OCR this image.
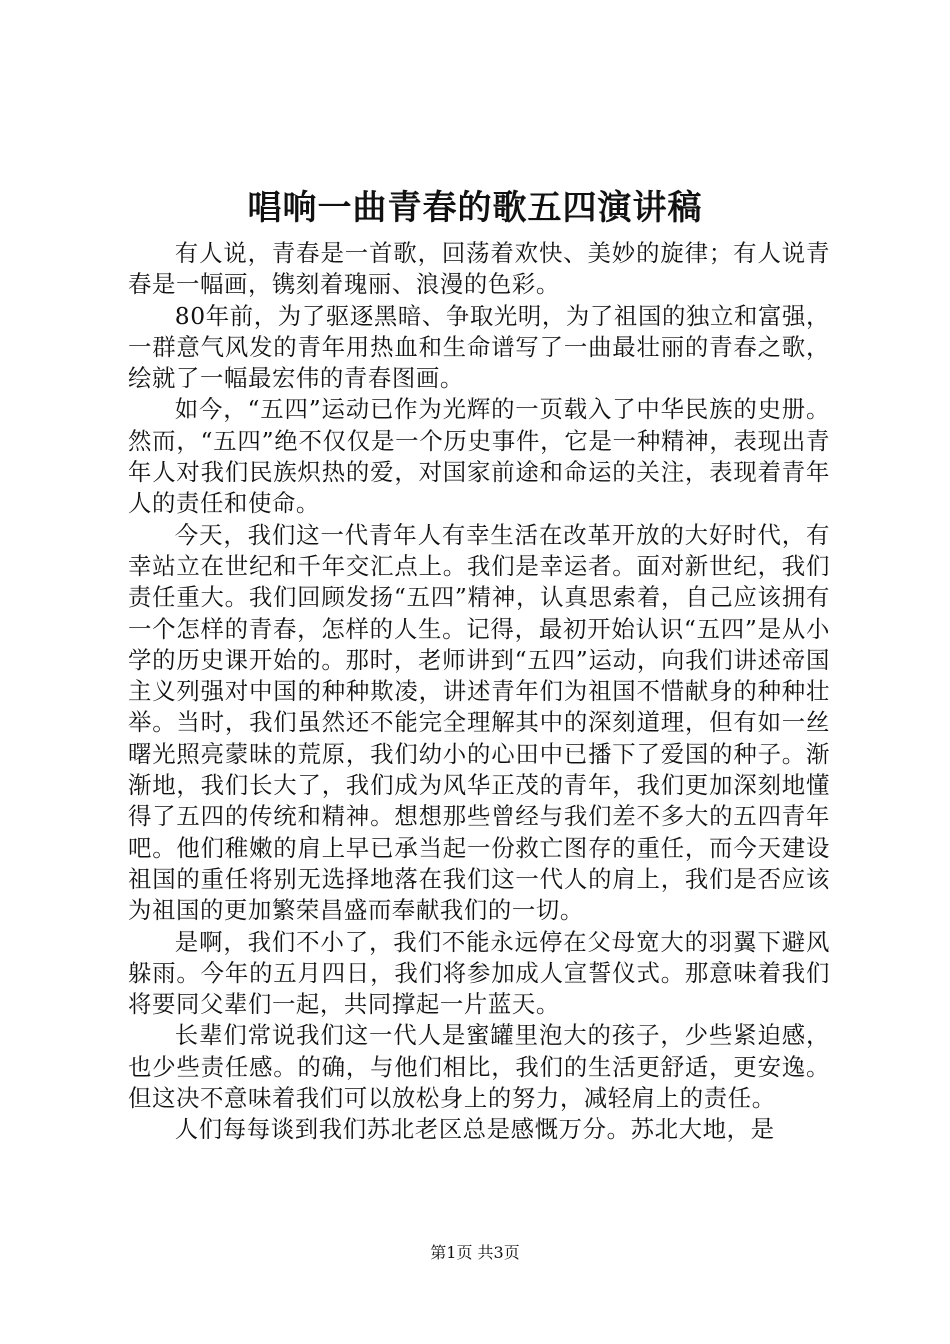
唱响一曲青春的歌五四演讲稿

有人说，青春是一首歌，回荡着欢快、美妙的旋律；有人说青春是一幅画，镌刻着瑰丽、浪漫的色彩。

80年前，为了驱逐黑暗、争取光明，为了祖国的独立和富强，一群意气风发的青年用热血和生命谱写了一曲最壮丽的青春之歌，绘就了一幅最宏伟的青春图画。

如今，“五四”运动已作为光辉的一页载入了中华民族的史册。然而，“五四”绝不仅仅是一个历史事件，它是一种精神，表现出青年人对我们民族炽热的爱，对国家前途和命运的关注，表现着青年人的责任和使命。

今天，我们这一代青年人有幸生活在改革开放的大好时代，有幸站立在世纪和千年交汇点上。我们是幸运者。面对新世纪，我们责任重大。我们回顾发扬“五四”精神，认真思索着，自己应该拥有一个怎样的青春，怎样的人生。记得，最初开始认识“五四”是从小学的历史课开始的。那时，老师讲到“五四”运动，向我们讲述帝国主义列强对中国的种种欺凌，讲述青年们为祖国不惜献身的种种壮举。当时，我们虽然还不能完全理解其中的深刻道理，但有如一丝曙光照亮蒙昧的荒原，我们幼小的心田中已播下了爱国的种子。渐渐地，我们长大了，我们成为风华正茂的青年，我们更加深刻地懂得了五四的传统和精神。想想那些曾经与我们差不多大的五四青年吧。他们稚嫩的肩上早已承当起一份救亡图存的重任，而今天建设祖国的重任将别无选择地落在我们这一代人的肩上，我们是否应该为祖国的更加繁荣昌盛而奉献我们的一切。

是啊，我们不小了，我们不能永远停在父母宽大的羽翼下避风躲雨。今年的五月四日，我们将参加成人宣誓仪式。那意味着我们将要同父辈们一起，共同撑起一片蓝天。

长辈们常说我们这一代人是蜜罐里泡大的孩子，少些紧迫感，也少些责任感。的确，与他们相比，我们的生活更舒适，更安逸。但这决不意味着我们可以放松身上的努力，减轻肩上的责任。

人们每每谈到我们苏北老区总是感慨万分。苏北大地，是

第1页 共3页
